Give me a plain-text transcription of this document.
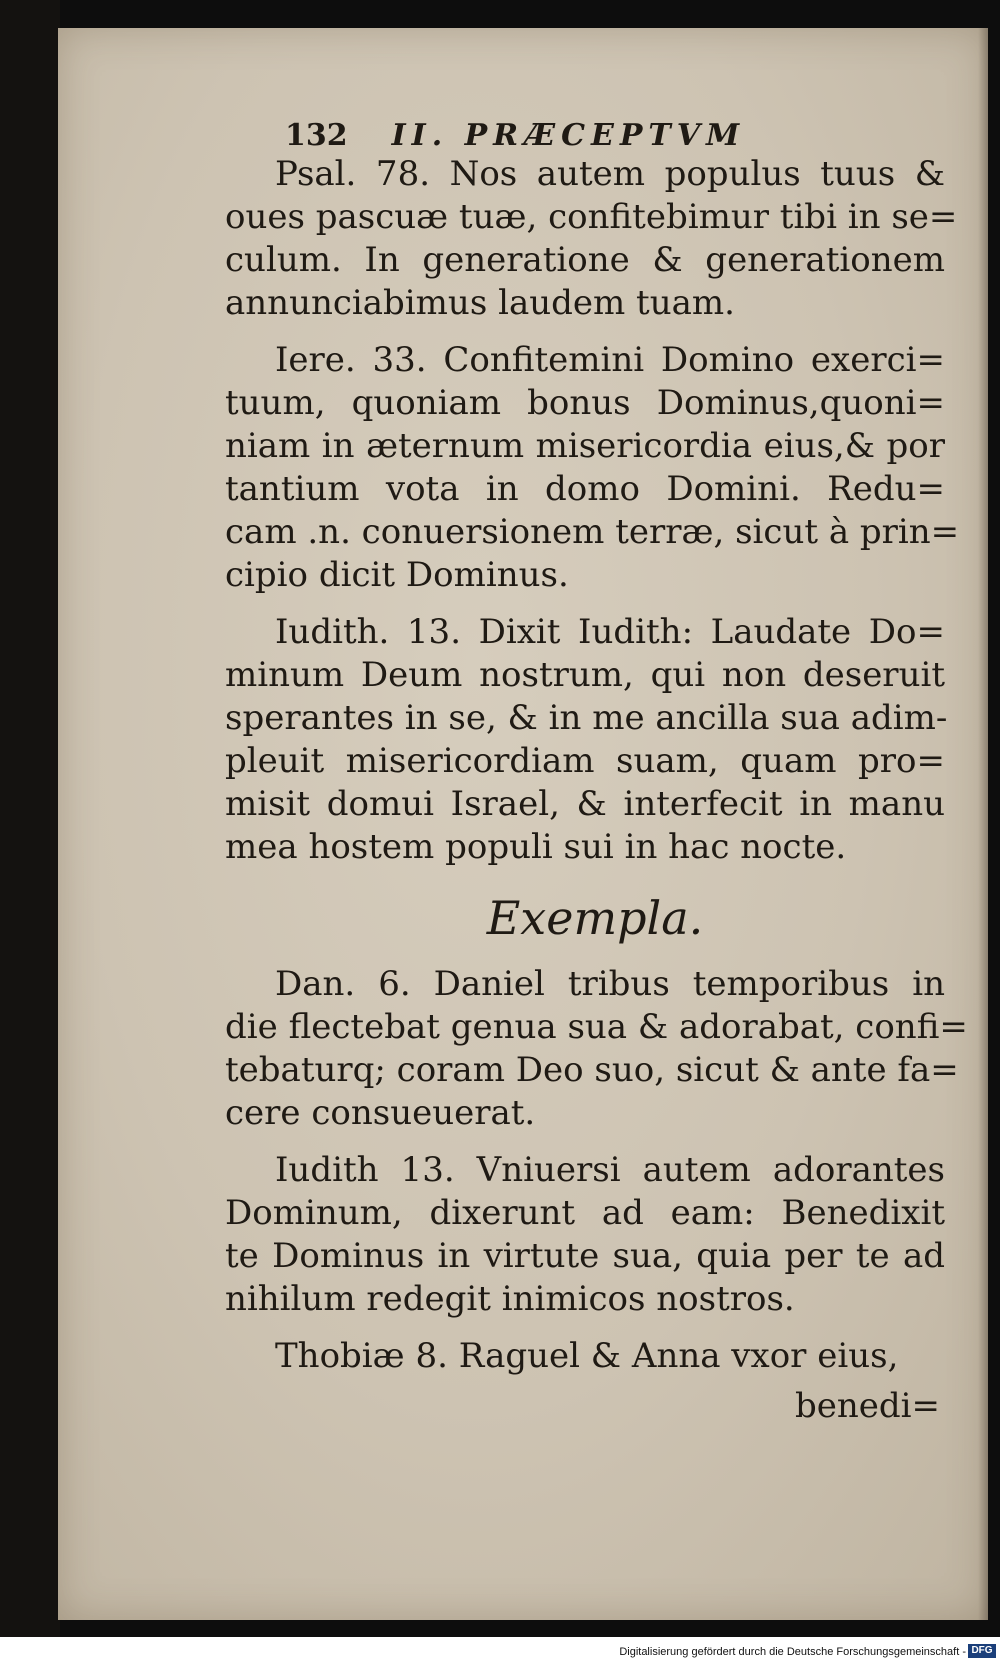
132 II. PRÆCEPTVM
Psal. 78. Nos autem populus tuus &
oues pascuæ tuæ, confitebimur tibi in se=
culum. In generatione & generationem
annunciabimus laudem tuam.
Iere. 33. Confitemini Domino exerci=
tuum, quoniam bonus Dominus,quoni=
niam in æternum misericordia eius,& por
tantium vota in domo Domini. Redu=
cam .n. conuersionem terræ, sicut à prin=
cipio dicit Dominus.
Iudith. 13. Dixit Iudith: Laudate Do=
minum Deum nostrum, qui non deseruit
sperantes in se, & in me ancilla sua adim-
pleuit misericordiam suam, quam pro=
misit domui Israel, & interfecit in manu
mea hostem populi sui in hac nocte.
Exempla.
Dan. 6. Daniel tribus temporibus in
die flectebat genua sua & adorabat, confi=
tebaturq; coram Deo suo, sicut & ante fa=
cere consueuerat.
Iudith 13. Vniuersi autem adorantes
Dominum, dixerunt ad eam: Benedixit
te Dominus in virtute sua, quia per te ad
nihilum redegit inimicos nostros.
Thobiæ 8. Raguel & Anna vxor eius,
benedi=
Digitalisierung gefördert durch die Deutsche Forschungsgemeinschaft - DFG
